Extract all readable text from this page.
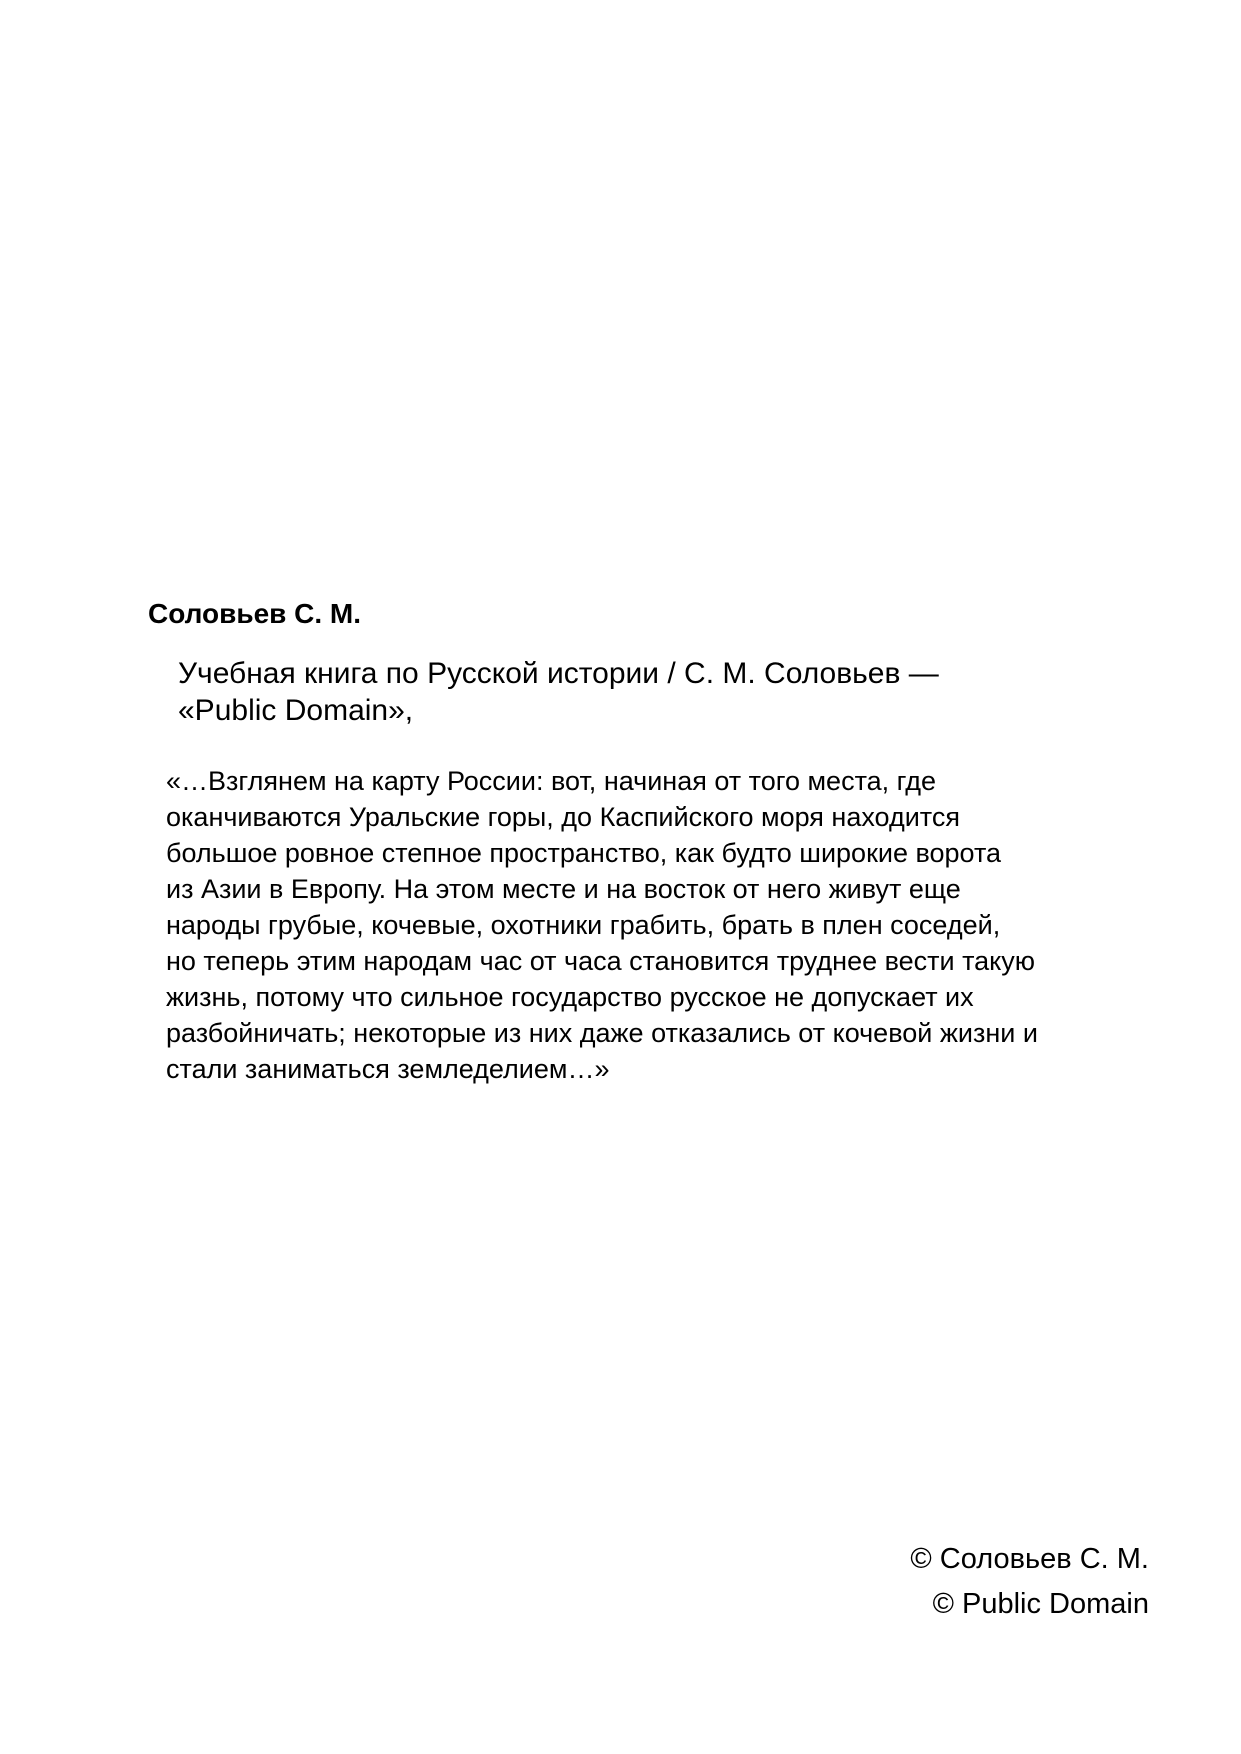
Соловьев С. М.
Учебная книга по Русской истории / С. М. Соловьев —
«Public Domain»,
«…Взглянем на карту России: вот, начиная от того места, где
оканчиваются Уральские горы, до Каспийского моря находится
большое ровное степное пространство, как будто широкие ворота
из Азии в Европу. На этом месте и на восток от него живут еще
народы грубые, кочевые, охотники грабить, брать в плен соседей,
но теперь этим народам час от часа становится труднее вести такую
жизнь, потому что сильное государство русское не допускает их
разбойничать; некоторые из них даже отказались от кочевой жизни и
стали заниматься земледелием…»
© Соловьев С. М.
© Public Domain
